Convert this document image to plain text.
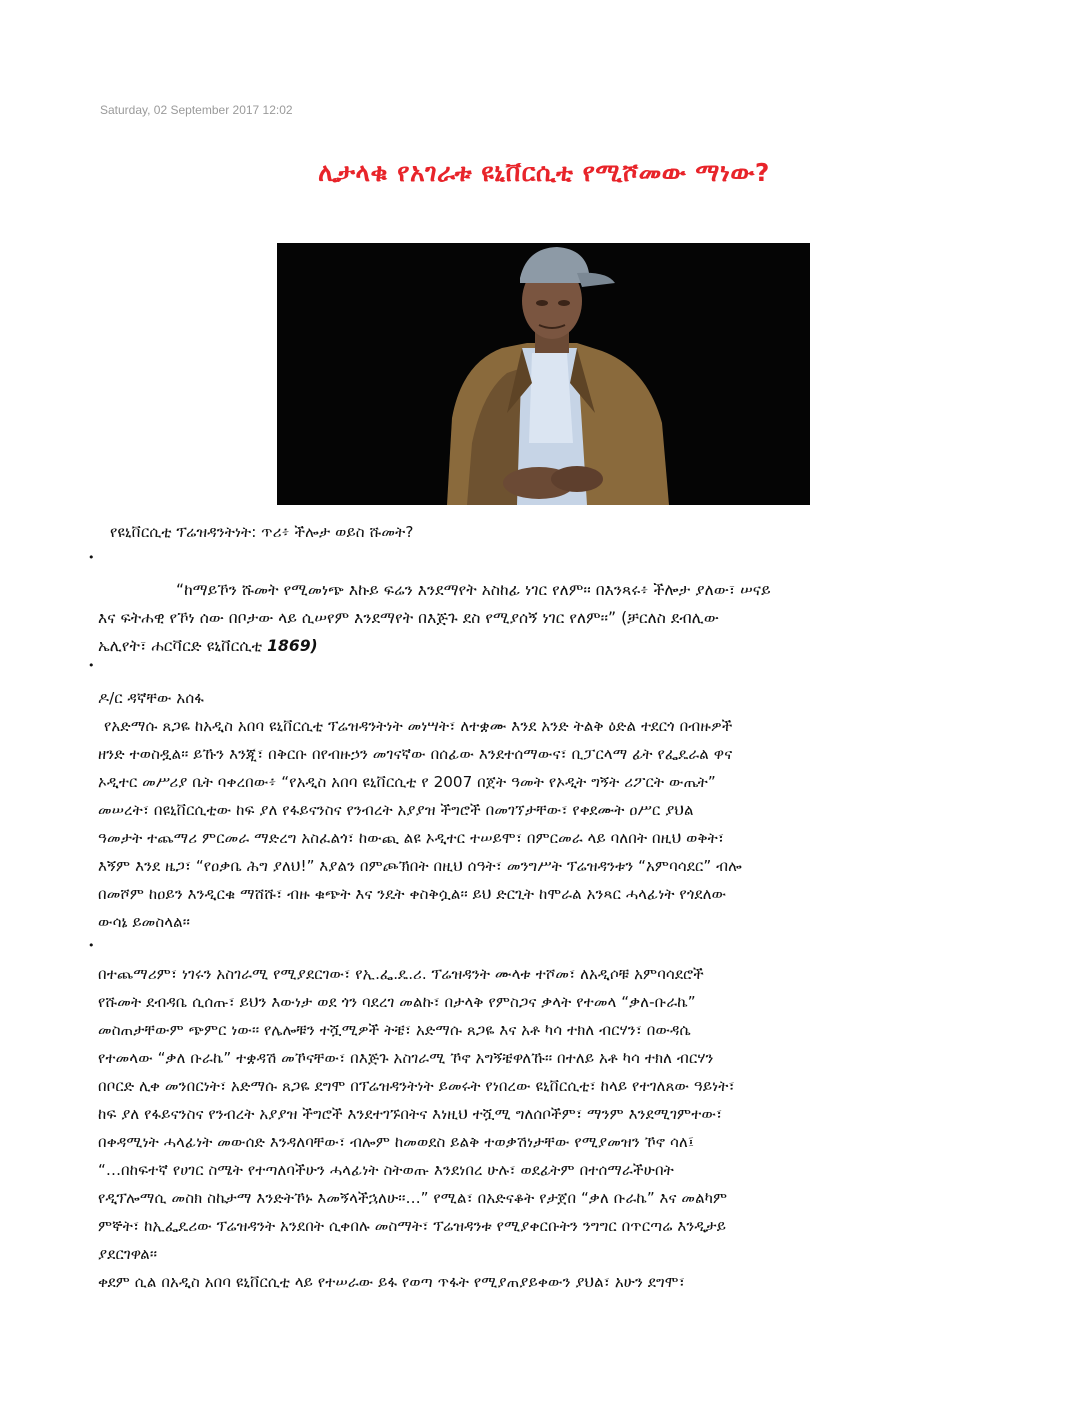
Saturday, 02 September 2017 12:02
ሊታላቁ የአገራቱ ዩኒቨርሲቲ የሚሾመው ማነው?
የዩኒቨርሲቲ ፕሬዝዳንትነት: ጥሪ፥ ችሎታ ወይስ ሹመት?
•
“ከማይኾን ሹመት የሚመነጭ እኩይ ፍሬን እንደማየት አስከፊ ነገር የለም፡፡ በእንጻሩ፥ ችሎታ ያለው፣ ሠናይ
እና ፍትሐዊ የኾነ ሰው በቦታው ላይ ሲሠየም እንደማየት በእጅጉ ደስ የሚያሰኝ ነገር የለም፡፡” (ቻርለስ ደብሊው
ኤሊየት፣ ሐርቫርድ ዩኒቨርሲቲ 1869)
•
ዶ/ር ዳኛቸው አሰፋ
የአድማሱ ጸጋዬ ከአዲስ አበባ ዩኒቨርሲቲ ፕሬዝዳንትነት መነሣት፣ ለተቋሙ እንደ አንድ ትልቅ ዕድል ተደርጎ በብዙዎች
ዘንድ ተወስዷል፡፡ ይኹን እንጂ፣ በቅርቡ በየብዙኃን መገናኛው በሰፊው እንደተሰማውና፣ ቢፓርላማ ፊት የፌዴራል ዋና
ኦዲተር መሥሪያ ቤት ባቀረበው፥ “የአዲስ አበባ ዩኒቨርሲቲ የ 2007 በጀት ዓመት የኦዲት ግኝት ሪፖርት ውጤት”
መሠረት፣ በዩኒቨርሲቲው ከፍ ያለ የፋይናንስና የንብረት አያያዝ ችግሮች በመገኘታቸው፣ የቀደሙት ዐሥር ያህል
ዓመታት ተጨማሪ ምርመራ ማድረግ አስፈልጎ፣ ከውጪ ልዩ ኦዲተር ተሠይሞ፣ በምርመራ ላይ ባለበት በዚህ ወቅት፣
እኝም እንደ ዜጋ፣ “የዐቃቤ ሕግ ያለህ!” እያልን በምጮኽበት በዚህ ሰዓት፣ መንግሥት ፕሬዝዳንቱን “አምባሳደር” ብሎ
በመሾም ከዐይን እንዲርቁ ማሸሹ፣ ብዙ ቁጭት እና ንዴት ቀስቅሷል፡፡ ይህ ድርጊት ከሞራል አንጻር ሓላፊነት የጎደለው
ውሳኔ ይመስላል፡፡
•
በተጨማሪም፣ ነገሩን አስገራሚ የሚያደርገው፣ የኢ.ፌ.ዴ.ሪ. ፕሬዝዳንት ሙላቱ ተሾመ፣ ለአዲሶቹ አምባሳደሮች
የሹመት ደብዳቤ ሲሰጡ፣ ይህን እውነታ ወደ ጎን ባደረገ መልኩ፣ በታላቅ የምስጋና ቃላት የተመላ “ቃለ-ቡራኬ”
መስጠታቸውም ጭምር ነው፡፡ የሌሎቹን ተሿሚዎች ትቼ፣ አድማሱ ጸጋዬ እና አቶ ካሳ ተክለ ብርሃን፣ በውዳሴ
የተመላው “ቃለ ቡራኬ” ተቋዳሽ መኾናቸው፣ በእጅጉ አስገራሚ ኾኖ አግኝቼዋለኹ፡፡ በተለይ አቶ ካሳ ተክለ ብርሃን
በቦርድ ሊቀ መንበርነት፣ አድማሱ ጸጋዬ ደግሞ በፕሬዝዳንትነት ይመሩት የነበረው ዩኒቨርሲቲ፣ ከላይ የተገለጸው ዓይነት፣
ከፍ ያለ የፋይናንስና የንብረት አያያዝ ችግሮች እንደተገኙበትና እነዚህ ተሿሚ ግለሰቦችም፣ ማንም እንደሚገምተው፣
በቀዳሚነት ሓላፊነት መውሰድ እንዳለባቸው፣ ብሎም ከመወደስ ይልቅ ተወቃሽነታቸው የሚያመዝን ኾኖ ሳለ፤
“…በከፍተኛ የሀገር ስሜት የተጣለባችሁን ሓላፊነት ስትወጡ እንደነበረ ሁሉ፣ ወደፊትም በተሰማራችሁበት
የዲፕሎማሲ መስክ ስኬታማ እንድትኾኑ እመኝላችኋለሁ፡፡…” የሚል፣ በአድናቆት የታጀበ “ቃለ ቡራኬ” እና መልካም
ምኞት፣ ከኢፌዴሪው ፕሬዝዳንት አንደበት ሲቀበሉ መስማት፣ ፕሬዝዳንቱ የሚያቀርቡትን ንግግር በጥርጣሬ እንዲታይ
ያደርገዋል፡፡
ቀደም ሲል በአዲስ አበባ ዩኒቨርሲቲ ላይ የተሠራው ይፋ የወጣ ጥፋት የሚያጠያይቀውን ያህል፣ አሁን ደግሞ፣
